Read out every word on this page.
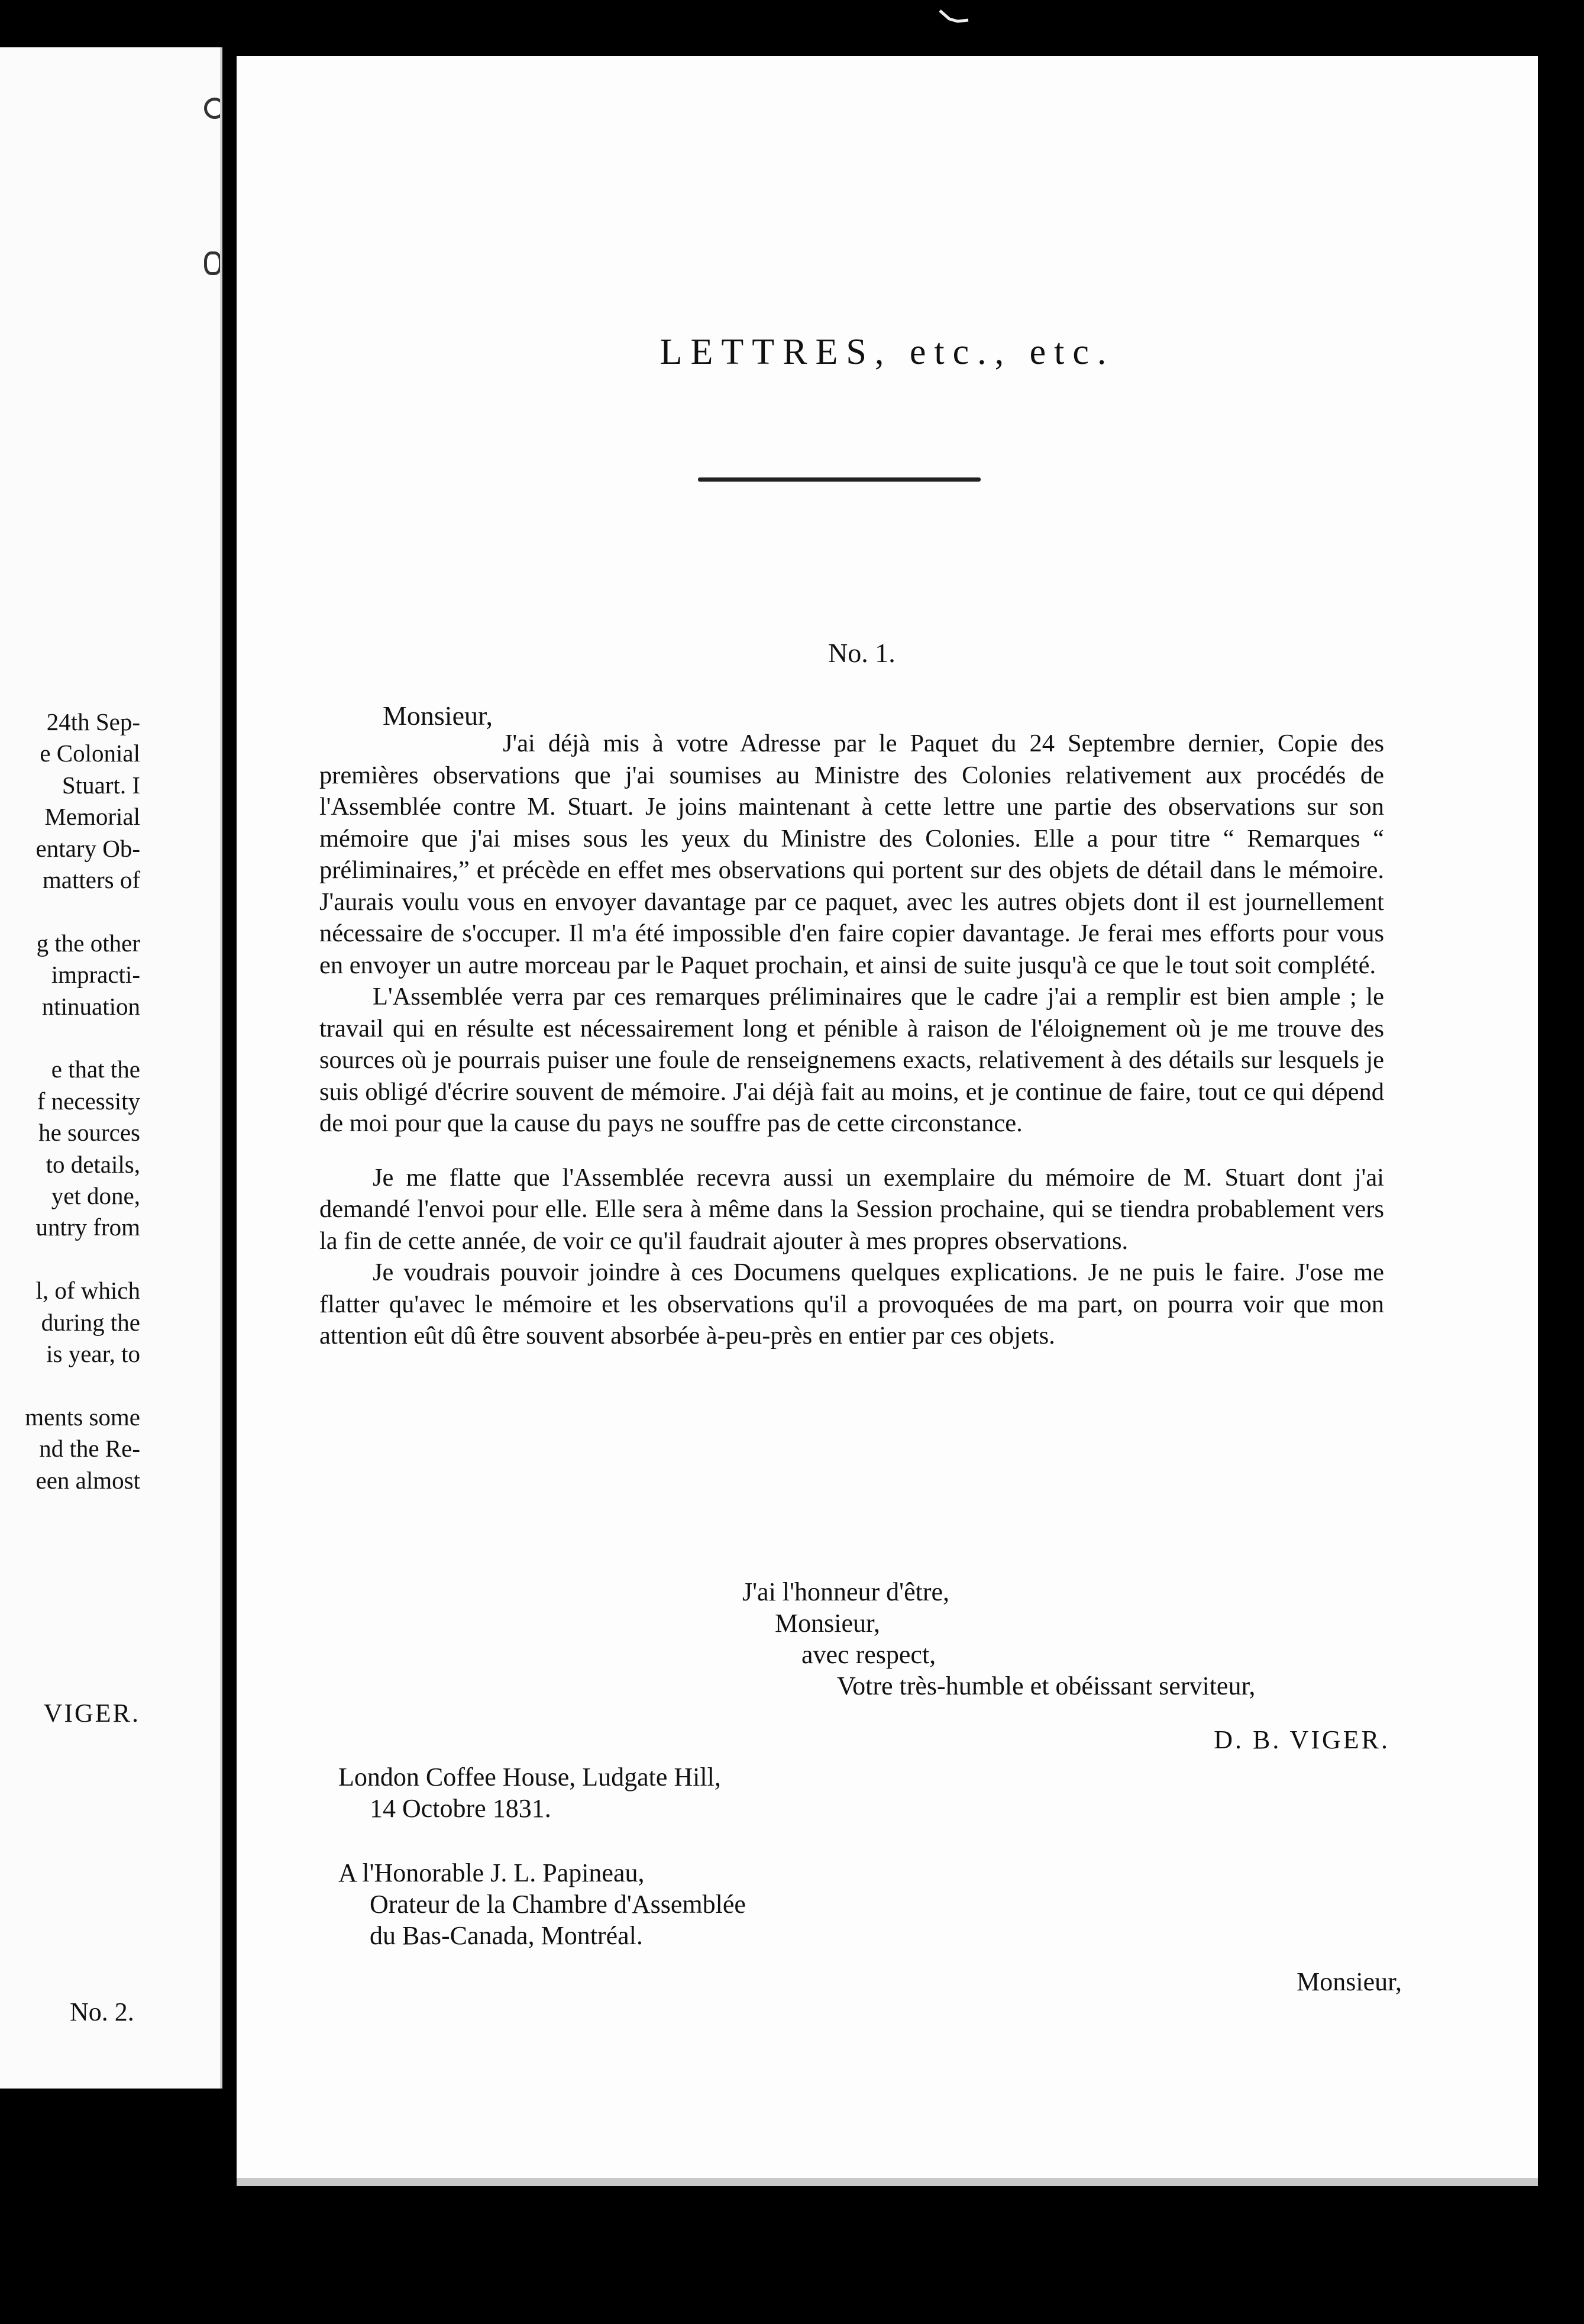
24th Sep-
e Colonial
Stuart. I
Memorial
entary Ob-
matters of
g the other
impracti-
ntinuation
e that the
f necessity
he sources
to details,
yet done,
untry from
l, of which
during the
is year, to
ments some
nd the Re-
een almost
VIGER.
No. 2.
LETTRES, etc., etc.
No. 1.
Monsieur,

J'ai déjà mis à votre Adresse par le Paquet du 24 Septembre dernier, Copie des premières observations que j'ai soumises au Ministre des Colonies relativement aux procédés de l'Assemblée contre M. Stuart. Je joins maintenant à cette lettre une partie des observations sur son mémoire que j'ai mises sous les yeux du Ministre des Colonies. Elle a pour titre “ Remarques “ préliminaires,” et précède en effet mes observations qui portent sur des objets de détail dans le mémoire. J'aurais voulu vous en envoyer davantage par ce paquet, avec les autres objets dont il est journellement nécessaire de s'occuper. Il m'a été impossible d'en faire copier davantage. Je ferai mes efforts pour vous en envoyer un autre morceau par le Paquet prochain, et ainsi de suite jusqu'à ce que le tout soit complété.

L'Assemblée verra par ces remarques préliminaires que le cadre j'ai a remplir est bien ample ; le travail qui en résulte est nécessairement long et pénible à raison de l'éloignement où je me trouve des sources où je pourrais puiser une foule de renseignemens exacts, relativement à des détails sur lesquels je suis obligé d'écrire souvent de mémoire. J'ai déjà fait au moins, et je continue de faire, tout ce qui dépend de moi pour que la cause du pays ne souffre pas de cette circonstance.

Je me flatte que l'Assemblée recevra aussi un exemplaire du mémoire de M. Stuart dont j'ai demandé l'envoi pour elle. Elle sera à même dans la Session prochaine, qui se tiendra probablement vers la fin de cette année, de voir ce qu'il faudrait ajouter à mes propres observations.

Je voudrais pouvoir joindre à ces Documens quelques explications. Je ne puis le faire. J'ose me flatter qu'avec le mémoire et les observations qu'il a provoquées de ma part, on pourra voir que mon attention eût dû être souvent absorbée à-peu-près en entier par ces objets.

J'ai l'honneur d'être,
Monsieur,
avec respect,
Votre très-humble et obéissant serviteur,
D. B. VIGER.
London Coffee House, Ludgate Hill,
14 Octobre 1831.
A l'Honorable J. L. Papineau,
Orateur de la Chambre d'Assemblée
du Bas-Canada, Montréal.
Monsieur,
